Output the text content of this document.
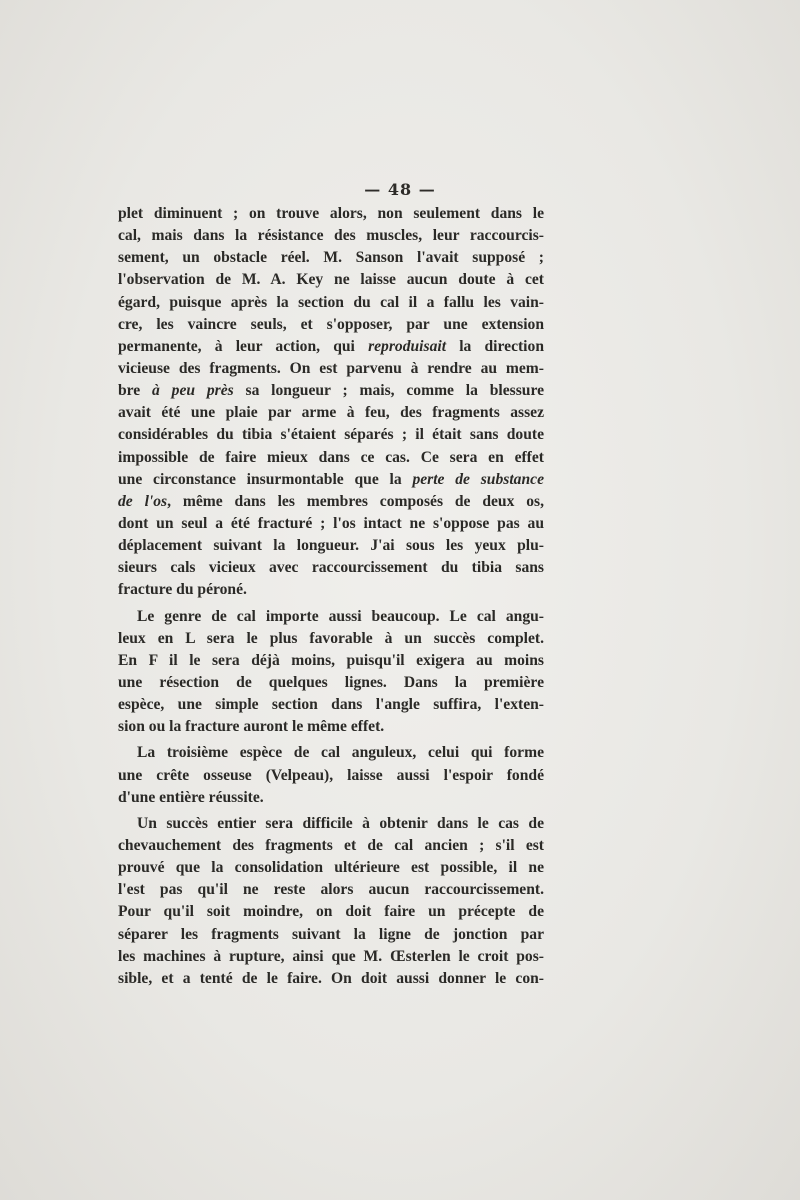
— 48 —
plet diminuent ; on trouve alors, non seulement dans le
cal, mais dans la résistance des muscles, leur raccourcis-
sement, un obstacle réel. M. Sanson l'avait supposé ;
l'observation de M. A. Key ne laisse aucun doute à cet
égard, puisque après la section du cal il a fallu les vain-
cre, les vaincre seuls, et s'opposer, par une extension
permanente, à leur action, qui reproduisait la direction
vicieuse des fragments. On est parvenu à rendre au mem-
bre à peu près sa longueur ; mais, comme la blessure
avait été une plaie par arme à feu, des fragments assez
considérables du tibia s'étaient séparés ; il était sans doute
impossible de faire mieux dans ce cas. Ce sera en effet
une circonstance insurmontable que la perte de substance
de l'os, même dans les membres composés de deux os,
dont un seul a été fracturé ; l'os intact ne s'oppose pas au
déplacement suivant la longueur. J'ai sous les yeux plu-
sieurs cals vicieux avec raccourcissement du tibia sans
fracture du péroné.
Le genre de cal importe aussi beaucoup. Le cal angu-
leux en L sera le plus favorable à un succès complet.
En F il le sera déjà moins, puisqu'il exigera au moins
une résection de quelques lignes. Dans la première
espèce, une simple section dans l'angle suffira, l'exten-
sion ou la fracture auront le même effet.
La troisième espèce de cal anguleux, celui qui forme
une crête osseuse (Velpeau), laisse aussi l'espoir fondé
d'une entière réussite.
Un succès entier sera difficile à obtenir dans le cas de
chevauchement des fragments et de cal ancien ; s'il est
prouvé que la consolidation ultérieure est possible, il ne
l'est pas qu'il ne reste alors aucun raccourcissement.
Pour qu'il soit moindre, on doit faire un précepte de
séparer les fragments suivant la ligne de jonction par
les machines à rupture, ainsi que M. Œsterlen le croit pos-
sible, et a tenté de le faire. On doit aussi donner le con-
